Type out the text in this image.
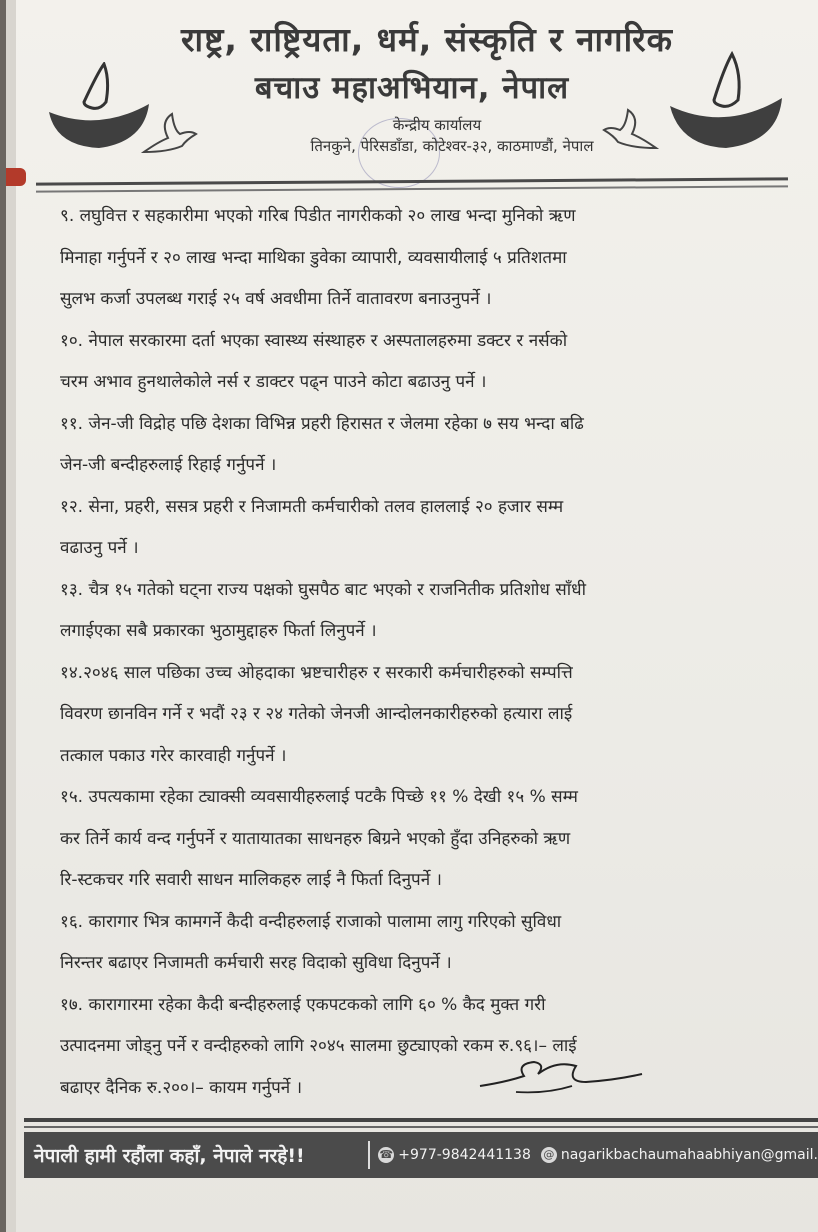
राष्ट्र, राष्ट्रियता, धर्म, संस्कृति र नागरिक
बचाउ महाअभियान, नेपाल
केन्द्रीय कार्यालय
तिनकुने, पेरिसडाँडा, कोटेश्वर-३२, काठमाण्डौं, नेपाल
९. लघुवित्त र सहकारीमा भएको गरिब पिडीत नागरीकको २० लाख भन्दा मुनिको ऋण
मिनाहा गर्नुपर्ने र २० लाख भन्दा माथिका डुवेका व्यापारी, व्यवसायीलाई ५ प्रतिशतमा
सुलभ कर्जा उपलब्ध गराई २५ वर्ष अवधीमा तिर्ने वातावरण बनाउनुपर्ने ।
१०. नेपाल सरकारमा दर्ता भएका स्वास्थ्य संस्थाहरु र अस्पतालहरुमा डक्टर र नर्सको
चरम अभाव हुनथालेकोले नर्स र डाक्टर पढ्न पाउने कोटा बढाउनु पर्ने ।
११. जेन-जी विद्रोह पछि देशका विभिन्न प्रहरी हिरासत र जेलमा रहेका ७ सय भन्दा बढि
जेन-जी बन्दीहरुलाई रिहाई गर्नुपर्ने ।
१२. सेना, प्रहरी, ससत्र प्रहरी र निजामती कर्मचारीको तलव हाललाई २० हजार सम्म
वढाउनु पर्ने ।
१३. चैत्र १५ गतेको घट्ना राज्य पक्षको घुसपैठ बाट भएको र राजनितीक प्रतिशोध साँधी
लगाईएका सबै प्रकारका भुठामुद्दाहरु फिर्ता लिनुपर्ने ।
१४.२०४६ साल पछिका उच्च ओहदाका भ्रष्टचारीहरु र सरकारी कर्मचारीहरुको सम्पत्ति
विवरण छानविन गर्ने र भदौं २३ र २४ गतेको जेनजी आन्दोलनकारीहरुको हत्यारा लाई
तत्काल पकाउ गरेर कारवाही गर्नुपर्ने ।
१५. उपत्यकामा रहेका ट्याक्सी व्यवसायीहरुलाई पटकै पिच्छे ११ % देखी १५ % सम्म
कर तिर्ने कार्य वन्द गर्नुपर्ने र यातायातका साधनहरु बिग्रने भएको हुँदा उनिहरुको ऋण
रि-स्टकचर गरि सवारी साधन मालिकहरु लाई नै फिर्ता दिनुपर्ने ।
१६. कारागार भित्र कामगर्ने कैदी वन्दीहरुलाई राजाको पालामा लागु गरिएको सुविधा
निरन्तर बढाएर निजामती कर्मचारी सरह विदाको सुविधा दिनुपर्ने ।
१७. कारागारमा रहेका कैदी बन्दीहरुलाई एकपटकको लागि ६० % कैद मुक्त गरी
उत्पादनमा जोड्नु पर्ने र वन्दीहरुको लागि २०४५ सालमा छुट्याएको रकम रु.९६।– लाई
बढाएर दैनिक रु.२००।– कायम गर्नुपर्ने ।
नेपाली हामी रहौंला कहाँ, नेपाले नरहे!!	☎ +977-9842441138 @ nagarikbachaumahaabhiyan@gmail.
